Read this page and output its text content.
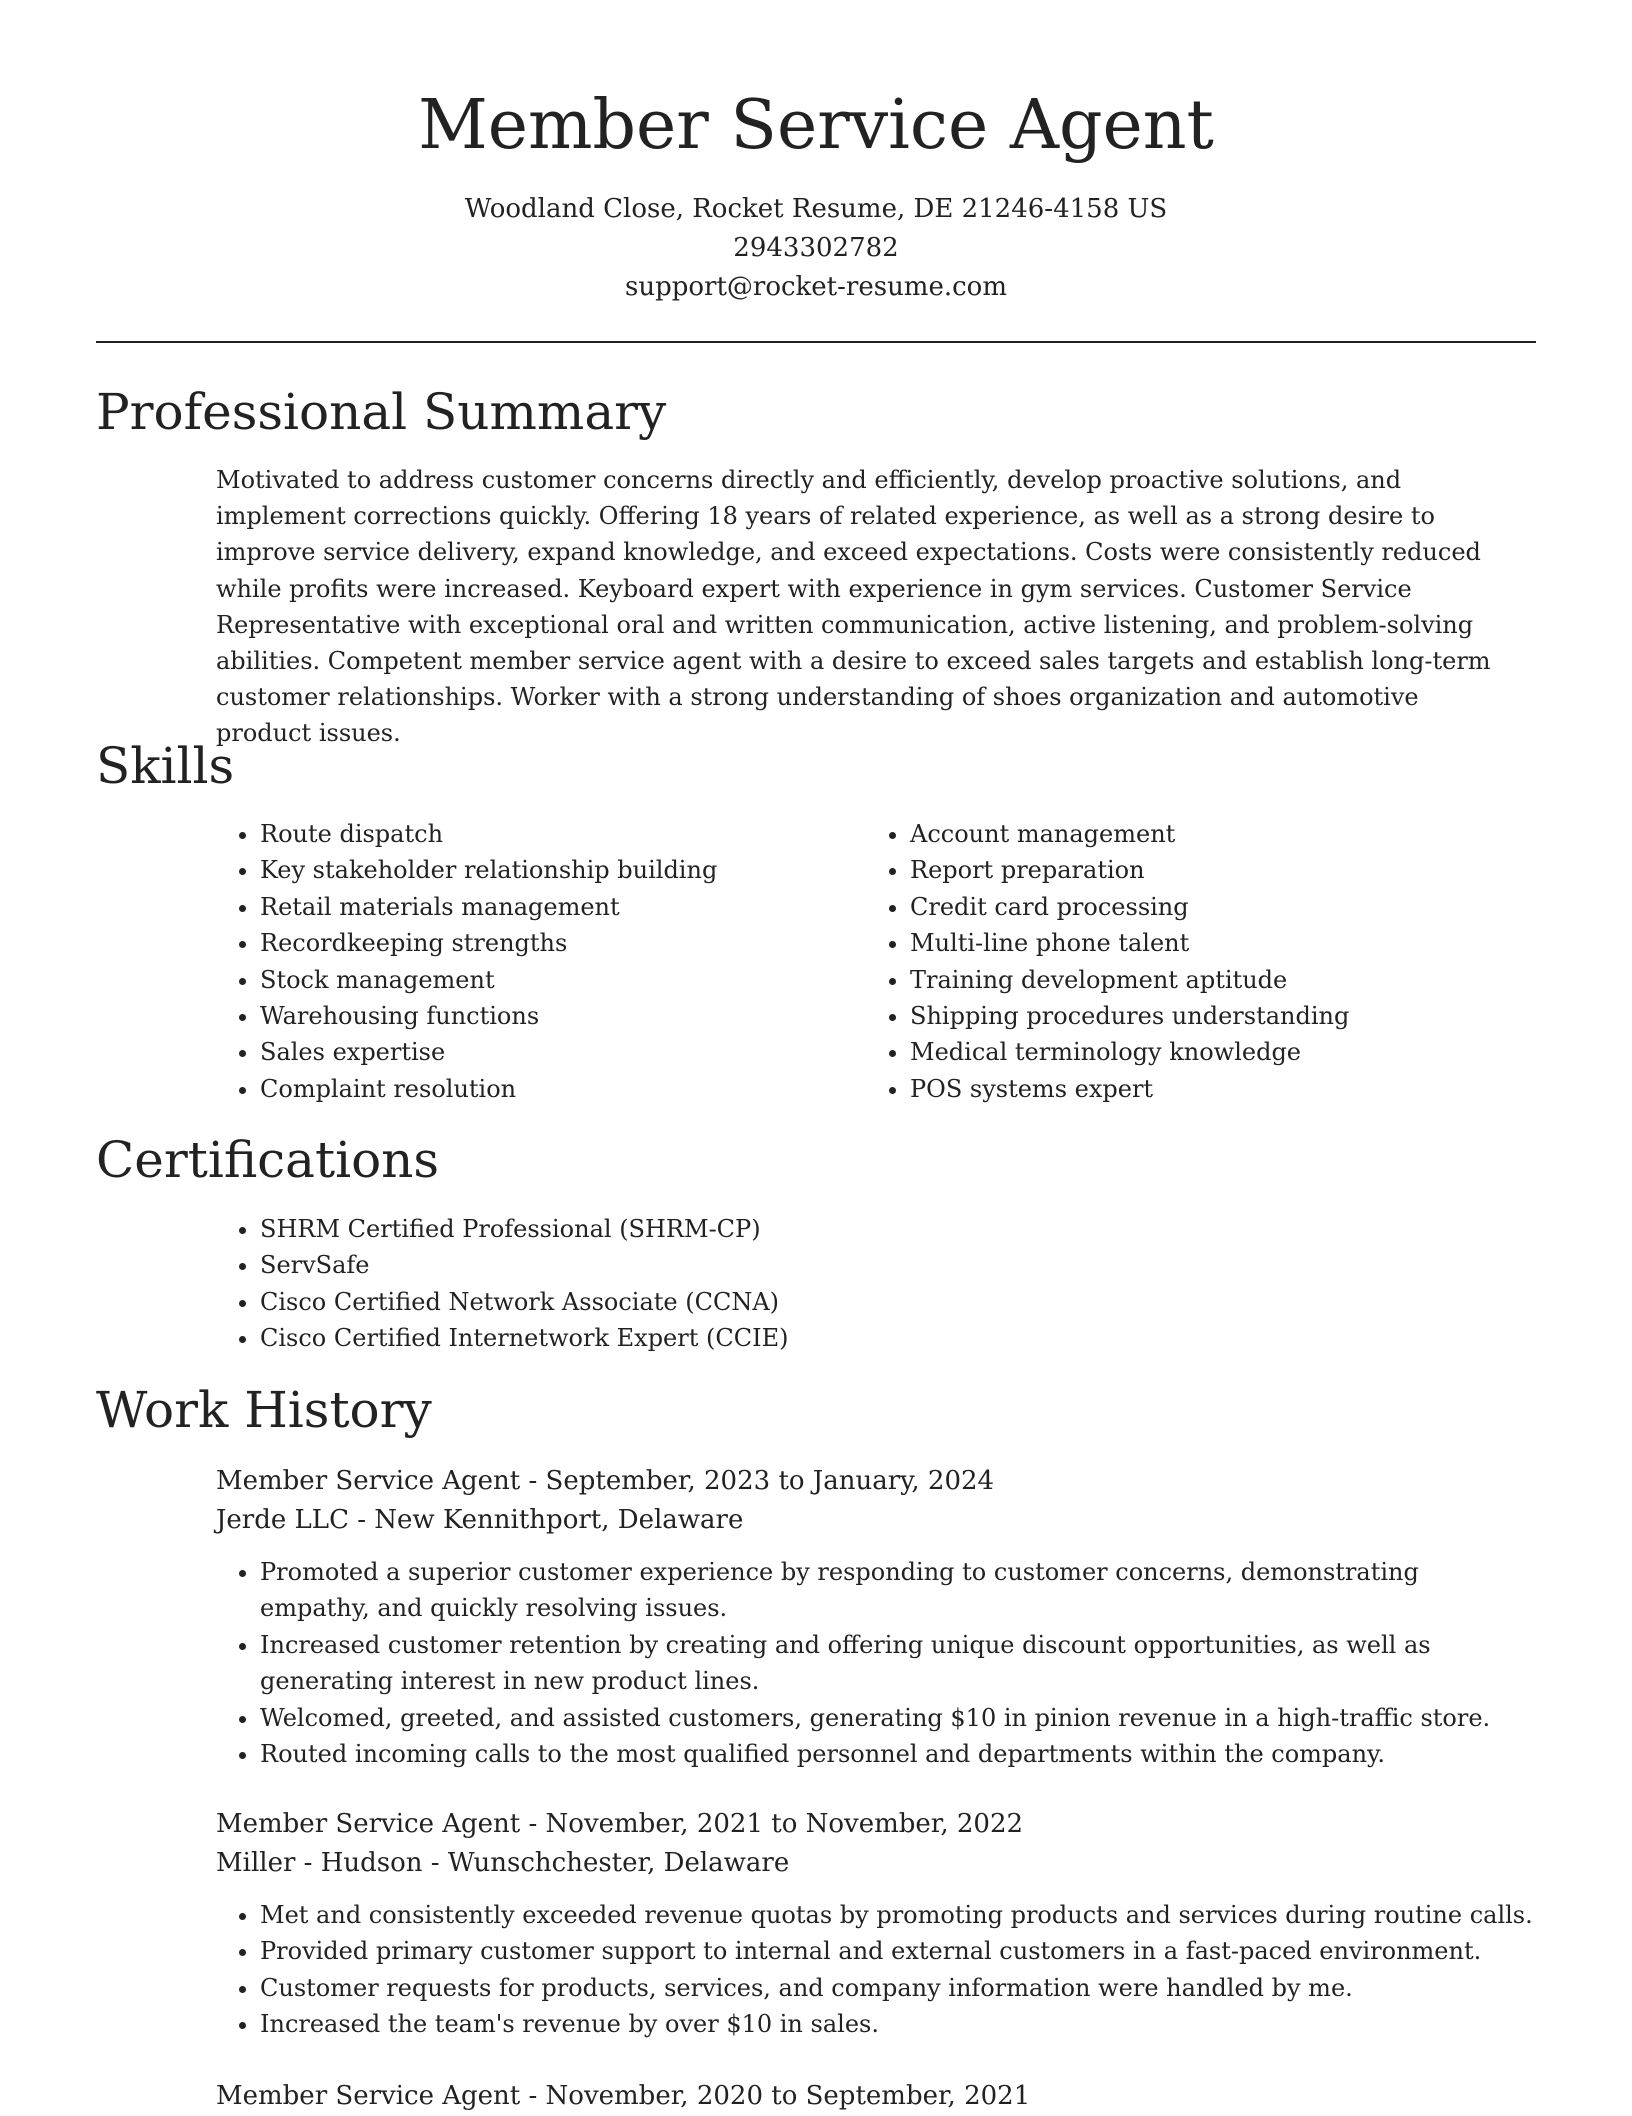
Member Service Agent
Woodland Close, Rocket Resume, DE 21246-4158 US
2943302782
support@rocket-resume.com
Professional Summary

Motivated to address customer concerns directly and efficiently, develop proactive solutions, and implement corrections quickly. Offering 18 years of related experience, as well as a strong desire to improve service delivery, expand knowledge, and exceed expectations. Costs were consistently reduced while profits were increased. Keyboard expert with experience in gym services. Customer Service Representative with exceptional oral and written communication, active listening, and problem-solving abilities. Competent member service agent with a desire to exceed sales targets and establish long-term customer relationships. Worker with a strong understanding of shoes organization and automotive product issues.

Skills
• Route dispatch
• Key stakeholder relationship building
• Retail materials management
• Recordkeeping strengths
• Stock management
• Warehousing functions
• Sales expertise
• Complaint resolution
• Account management
• Report preparation
• Credit card processing
• Multi-line phone talent
• Training development aptitude
• Shipping procedures understanding
• Medical terminology knowledge
• POS systems expert
Certifications
• SHRM Certified Professional (SHRM-CP)
• ServSafe
• Cisco Certified Network Associate (CCNA)
• Cisco Certified Internetwork Expert (CCIE)
Work History
Member Service Agent - September, 2023 to January, 2024
Jerde LLC - New Kennithport, Delaware
• Promoted a superior customer experience by responding to customer concerns, demonstrating empathy, and quickly resolving issues.
• Increased customer retention by creating and offering unique discount opportunities, as well as generating interest in new product lines.
• Welcomed, greeted, and assisted customers, generating $10 in pinion revenue in a high-traffic store.
• Routed incoming calls to the most qualified personnel and departments within the company.
Member Service Agent - November, 2021 to November, 2022
Miller - Hudson - Wunschchester, Delaware
• Met and consistently exceeded revenue quotas by promoting products and services during routine calls.
• Provided primary customer support to internal and external customers in a fast-paced environment.
• Customer requests for products, services, and company information were handled by me.
• Increased the team's revenue by over $10 in sales.
Member Service Agent - November, 2020 to September, 2021
